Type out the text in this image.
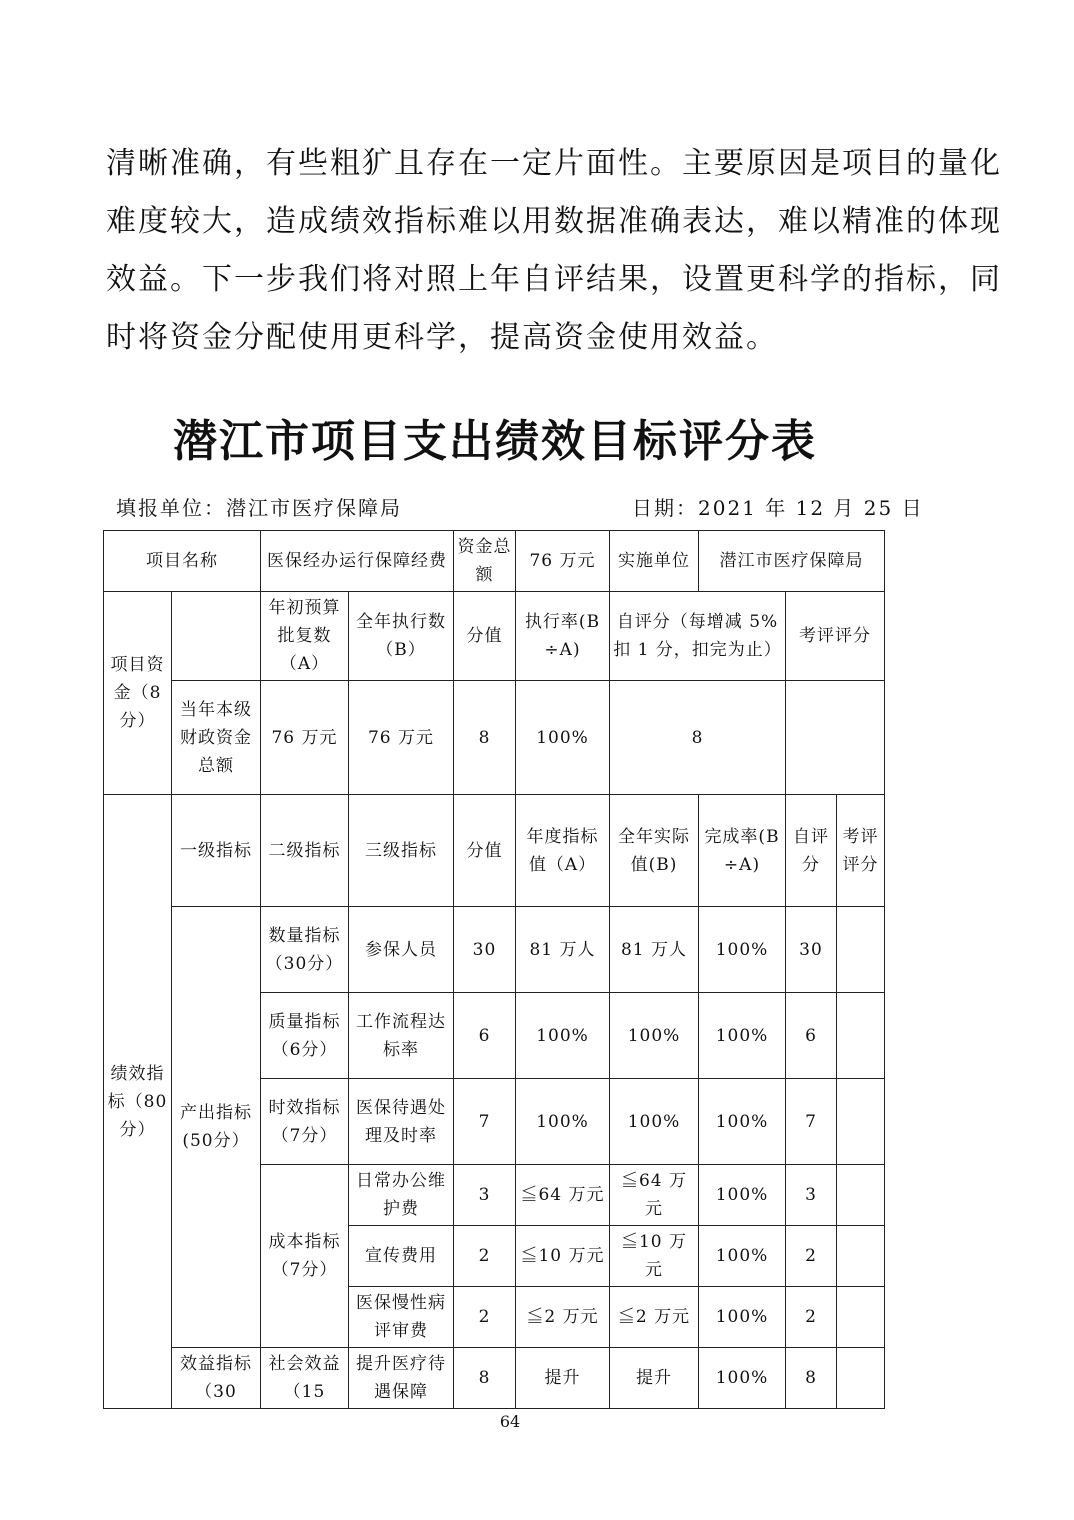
清晰准确，有些粗犷且存在一定片面性。主要原因是项目的量化
难度较大，造成绩效指标难以用数据准确表达，难以精准的体现
效益。下一步我们将对照上年自评结果，设置更科学的指标，同
时将资金分配使用更科学，提高资金使用效益。
潜江市项目支出绩效目标评分表
填报单位：潜江市医疗保障局	日期：2021 年 12 月 25 日
项目名称		医保经办运行保障经费		资金总额	76 万元	实施单位	潜江市医疗保障局		
项目资金（8分）		年初预算批复数（A）	全年执行数（B）	分值	执行率(B÷A)	自评分（每增减 5%扣 1 分，扣完为止）		考评评分	
	当年本级财政资金总额	76 万元	76 万元	8	100%	8			
绩效指标（80分）	一级指标	二级指标	三级指标	分值	年度指标值（A）	全年实际值(B)	完成率(B÷A)	自评分	考评评分
	产出指标(50分）	数量指标（30分）	参保人员	30	81 万人	81 万人	100%	30	
		质量指标（6分）	工作流程达标率	6	100%	100%	100%	6	
		时效指标（7分）	医保待遇处理及时率	7	100%	100%	100%	7	
		成本指标（7分）	日常办公维护费	3	≦64 万元	≦64 万元	100%	3	
			宣传费用	2	≦10 万元	≦10 万元	100%	2	
			医保慢性病评审费	2	≦2 万元	≦2 万元	100%	2	
	效益指标（30	社会效益（15	提升医疗待遇保障	8	提升	提升	100%	8	
64
